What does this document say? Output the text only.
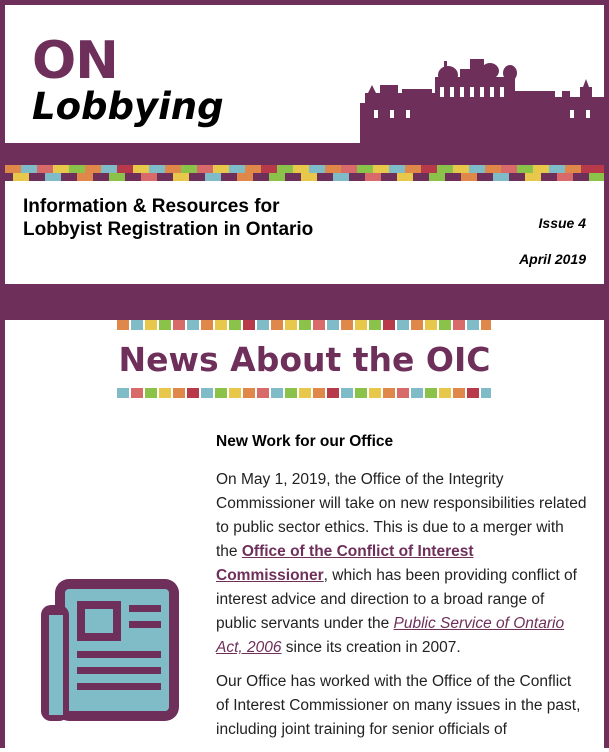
ON
Lobbying
Information & Resources for Lobbyist Registration in Ontario	Issue 4
April 2019
News About the OIC
New Work for our Office

On May 1, 2019, the Office of the Integrity Commissioner will take on new responsibilities related to public sector ethics. This is due to a merger with the Office of the Conflict of Interest Commissioner, which has been providing conflict of interest advice and direction to a broad range of public servants under the Public Service of Ontario Act, 2006 since its creation in 2007.

Our Office has worked with the Office of the Conflict of Interest Commissioner on many issues in the past, including joint training for senior officials of
